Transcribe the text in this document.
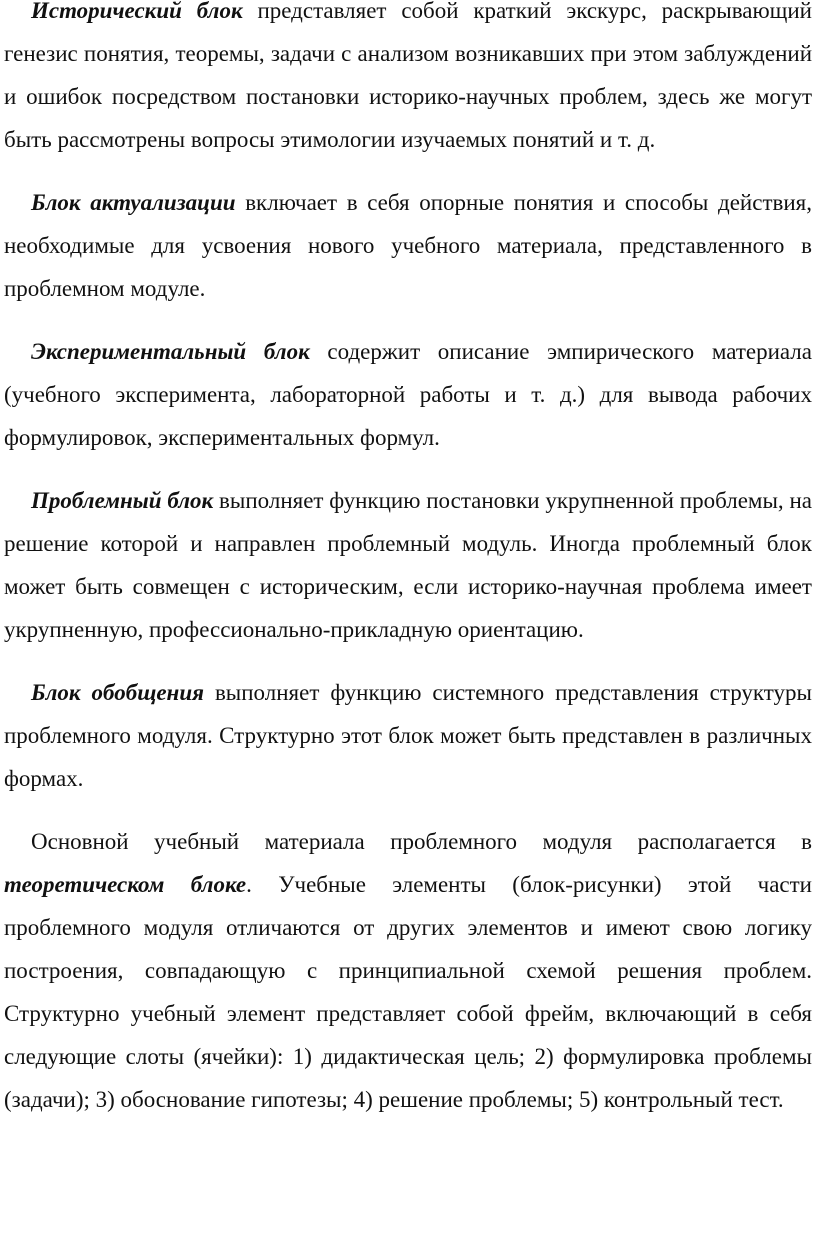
Исторический блок представляет собой краткий экскурс, раскрывающий генезис понятия, теоремы, задачи с анализом возникавших при этом заблуждений и ошибок посредством постановки историко-научных проблем, здесь же могут быть рассмотрены вопросы этимологии изучаемых понятий и т. д.

Блок актуализации включает в себя опорные понятия и способы действия, необходимые для усвоения нового учебного материала, представленного в проблемном модуле.

Экспериментальный блок содержит описание эмпирического материала (учебного эксперимента, лабораторной работы и т. д.) для вывода рабочих формулировок, экспериментальных формул.

Проблемный блок выполняет функцию постановки укрупненной проблемы, на решение которой и направлен проблемный модуль. Иногда проблемный блок может быть совмещен с историческим, если историко-научная проблема имеет укрупненную, профессионально-прикладную ориентацию.

Блок обобщения выполняет функцию системного представления структуры проблемного модуля. Структурно этот блок может быть представлен в различных формах.

Основной учебный материала проблемного модуля располагается в теоретическом блоке. Учебные элементы (блок-рисунки) этой части проблемного модуля отличаются от других элементов и имеют свою логику построения, совпадающую с принципиальной схемой решения проблем. Структурно учебный элемент представляет собой фрейм, включающий в себя следующие слоты (ячейки): 1) дидактическая цель; 2) формулировка проблемы (задачи); 3) обоснование гипотезы; 4) решение проблемы; 5) контрольный тест.
